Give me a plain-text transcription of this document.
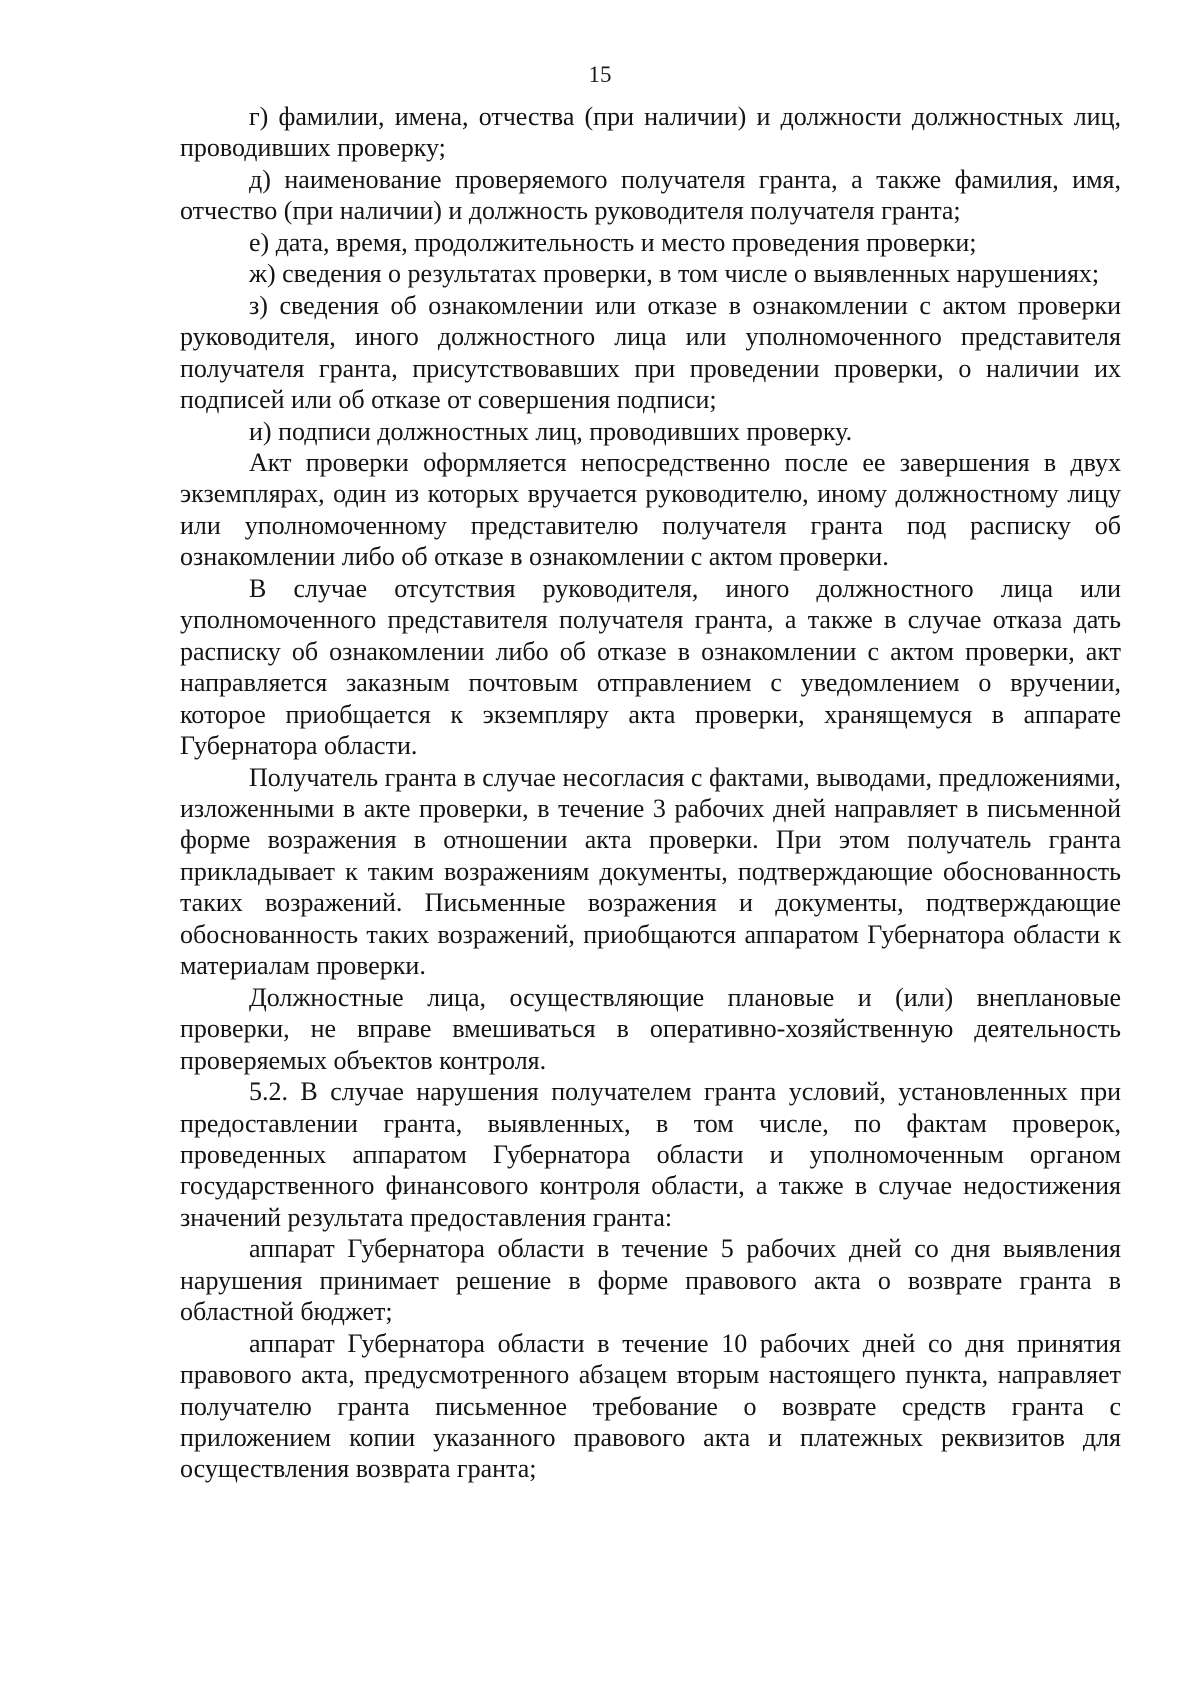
15

г) фамилии, имена, отчества (при наличии) и должности должностных лиц, проводивших проверку;

д) наименование проверяемого получателя гранта, а также фамилия, имя, отчество (при наличии) и должность руководителя получателя гранта;

е) дата, время, продолжительность и место проведения проверки;

ж) сведения о результатах проверки, в том числе о выявленных нарушениях;

з) сведения об ознакомлении или отказе в ознакомлении с актом проверки руководителя, иного должностного лица или уполномоченного представителя получателя гранта, присутствовавших при проведении проверки, о наличии их подписей или об отказе от совершения подписи;

и) подписи должностных лиц, проводивших проверку.

Акт проверки оформляется непосредственно после ее завершения в двух экземплярах, один из которых вручается руководителю, иному должностному лицу или уполномоченному представителю получателя гранта под расписку об ознакомлении либо об отказе в ознакомлении с актом проверки.

В случае отсутствия руководителя, иного должностного лица или уполномоченного представителя получателя гранта, а также в случае отказа дать расписку об ознакомлении либо об отказе в ознакомлении с актом проверки, акт направляется заказным почтовым отправлением с уведомлением о вручении, которое приобщается к экземпляру акта проверки, хранящемуся в аппарате Губернатора области.

Получатель гранта в случае несогласия с фактами, выводами, предложениями, изложенными в акте проверки, в течение 3 рабочих дней направляет в письменной форме возражения в отношении акта проверки. При этом получатель гранта прикладывает к таким возражениям документы, подтверждающие обоснованность таких возражений. Письменные возражения и документы, подтверждающие обоснованность таких возражений, приобщаются аппаратом Губернатора области к материалам проверки.

Должностные лица, осуществляющие плановые и (или) внеплановые проверки, не вправе вмешиваться в оперативно-хозяйственную деятельность проверяемых объектов контроля.

5.2. В случае нарушения получателем гранта условий, установленных при предоставлении гранта, выявленных, в том числе, по фактам проверок, проведенных аппаратом Губернатора области и уполномоченным органом государственного финансового контроля области, а также в случае недостижения значений результата предоставления гранта:

аппарат Губернатора области в течение 5 рабочих дней со дня выявления нарушения принимает решение в форме правового акта о возврате гранта в областной бюджет;

аппарат Губернатора области в течение 10 рабочих дней со дня принятия правового акта, предусмотренного абзацем вторым настоящего пункта, направляет получателю гранта письменное требование о возврате средств гранта с приложением копии указанного правового акта и платежных реквизитов для осуществления возврата гранта;
